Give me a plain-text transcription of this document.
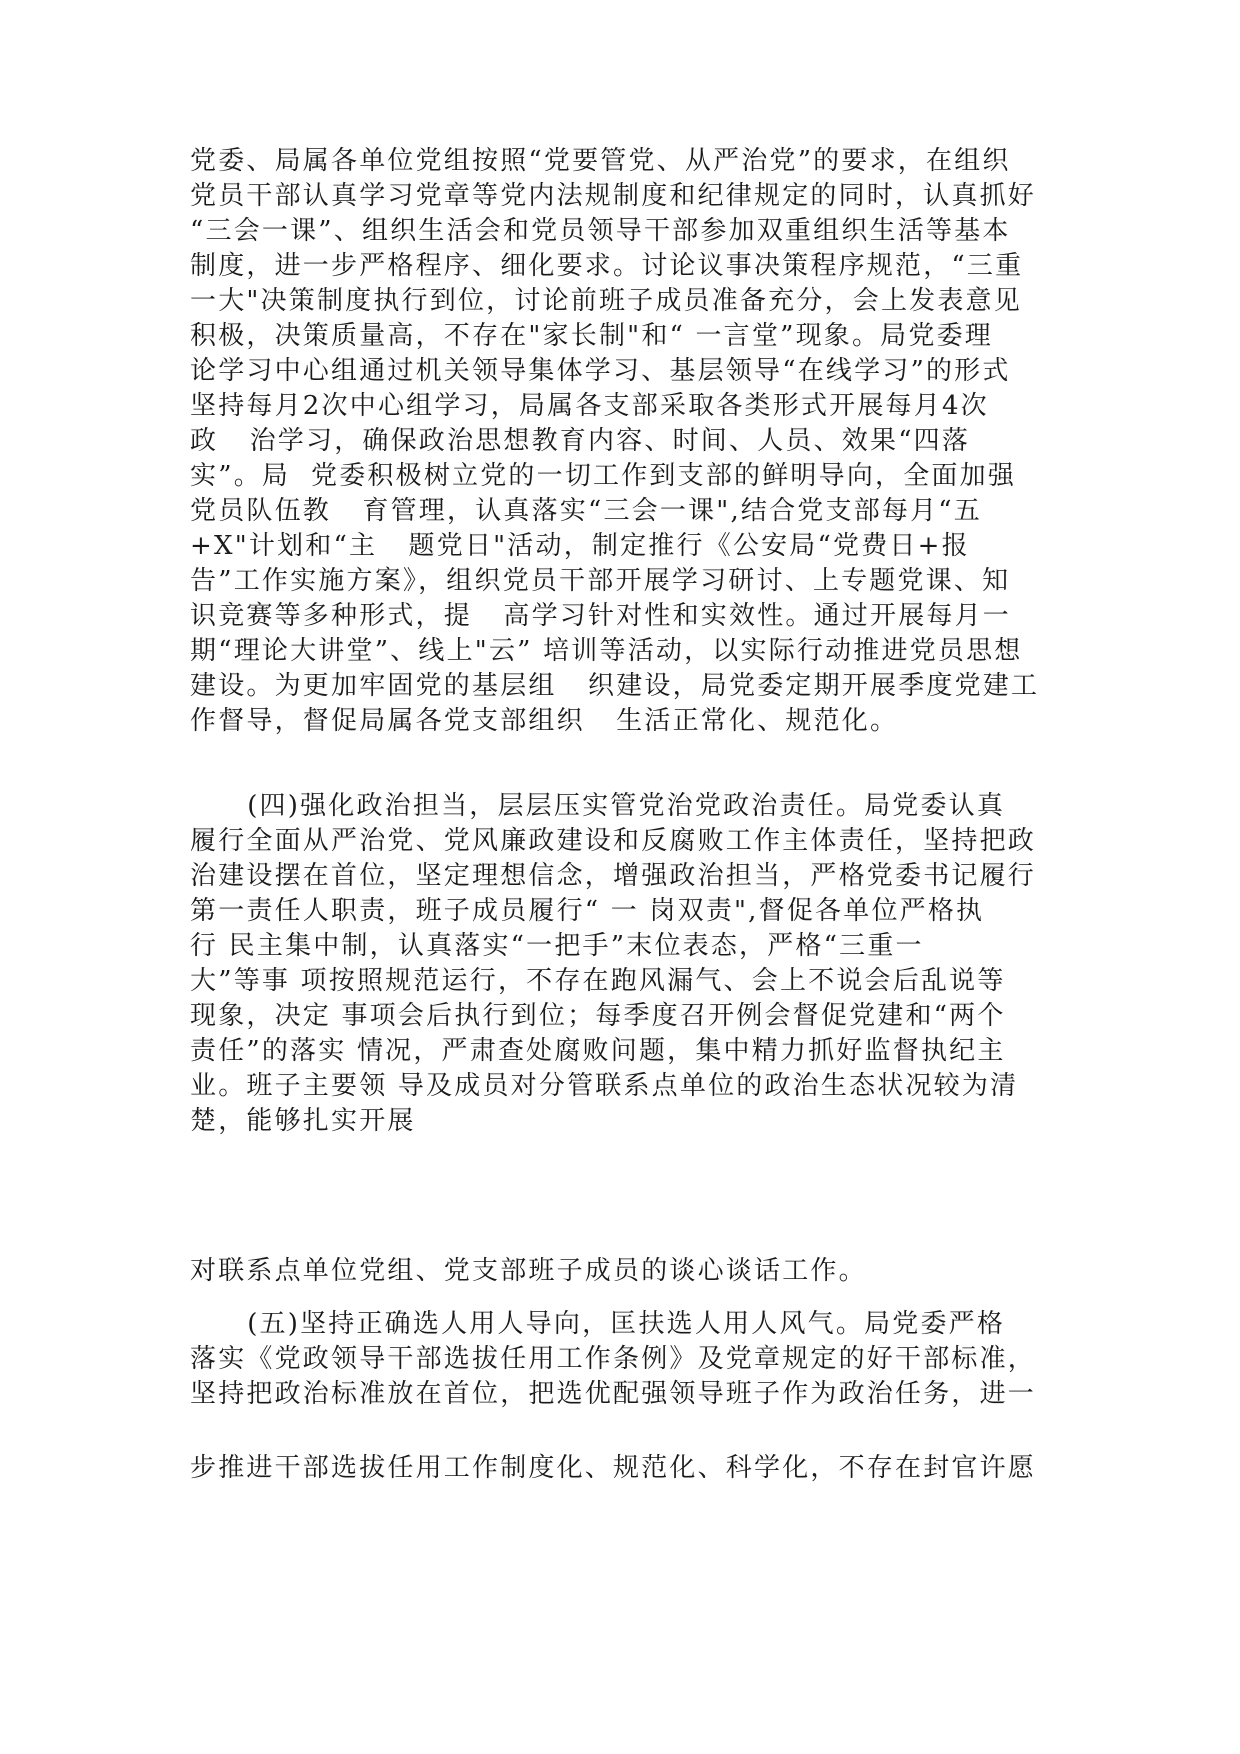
党委、局属各单位党组按照“党要管党、从严治党”的要求，在组织
党员干部认真学习党章等党内法规制度和纪律规定的同时，认真抓好
“三会一课”、组织生活会和党员领导干部参加双重组织生活等基本
制度，进一步严格程序、细化要求。讨论议事决策程序规范，“三重
一大"决策制度执行到位，讨论前班子成员准备充分，会上发表意见
积极，决策质量高，不存在"家长制"和“ 一言堂”现象。局党委理
论学习中心组通过机关领导集体学习、基层领导“在线学习”的形式
坚持每月2次中心组学习，局属各支部采取各类形式开展每月4次
政   治学习，确保政治思想教育内容、时间、人员、效果“四落
实”。局  党委积极树立党的一切工作到支部的鲜明导向，全面加强
党员队伍教   育管理，认真落实“三会一课",结合党支部每月“五
+X"计划和“主   题党日"活动，制定推行《公安局“党费日+报
告”工作实施方案》，组织党员干部开展学习研讨、上专题党课、知
识竞赛等多种形式，提   高学习针对性和实效性。通过开展每月一
期“理论大讲堂”、线上"云” 培训等活动，以实际行动推进党员思想
建设。为更加牢固党的基层组   织建设，局党委定期开展季度党建工
作督导，督促局属各党支部组织   生活正常化、规范化。
(四)强化政治担当，层层压实管党治党政治责任。局党委认真
履行全面从严治党、党风廉政建设和反腐败工作主体责任，坚持把政
治建设摆在首位，坚定理想信念，增强政治担当，严格党委书记履行
第一责任人职责，班子成员履行“ 一 岗双责",督促各单位严格执
行 民主集中制，认真落实“一把手”末位表态，严格“三重一
大”等事 项按照规范运行，不存在跑风漏气、会上不说会后乱说等
现象，决定 事项会后执行到位；每季度召开例会督促党建和“两个
责任”的落实 情况，严肃查处腐败问题，集中精力抓好监督执纪主
业。班子主要领 导及成员对分管联系点单位的政治生态状况较为清
楚，能够扎实开展
对联系点单位党组、党支部班子成员的谈心谈话工作。
(五)坚持正确选人用人导向，匡扶选人用人风气。局党委严格
落实《党政领导干部选拔任用工作条例》及党章规定的好干部标准，
坚持把政治标准放在首位，把选优配强领导班子作为政治任务，进一
步推进干部选拔任用工作制度化、规范化、科学化，不存在封官许愿
